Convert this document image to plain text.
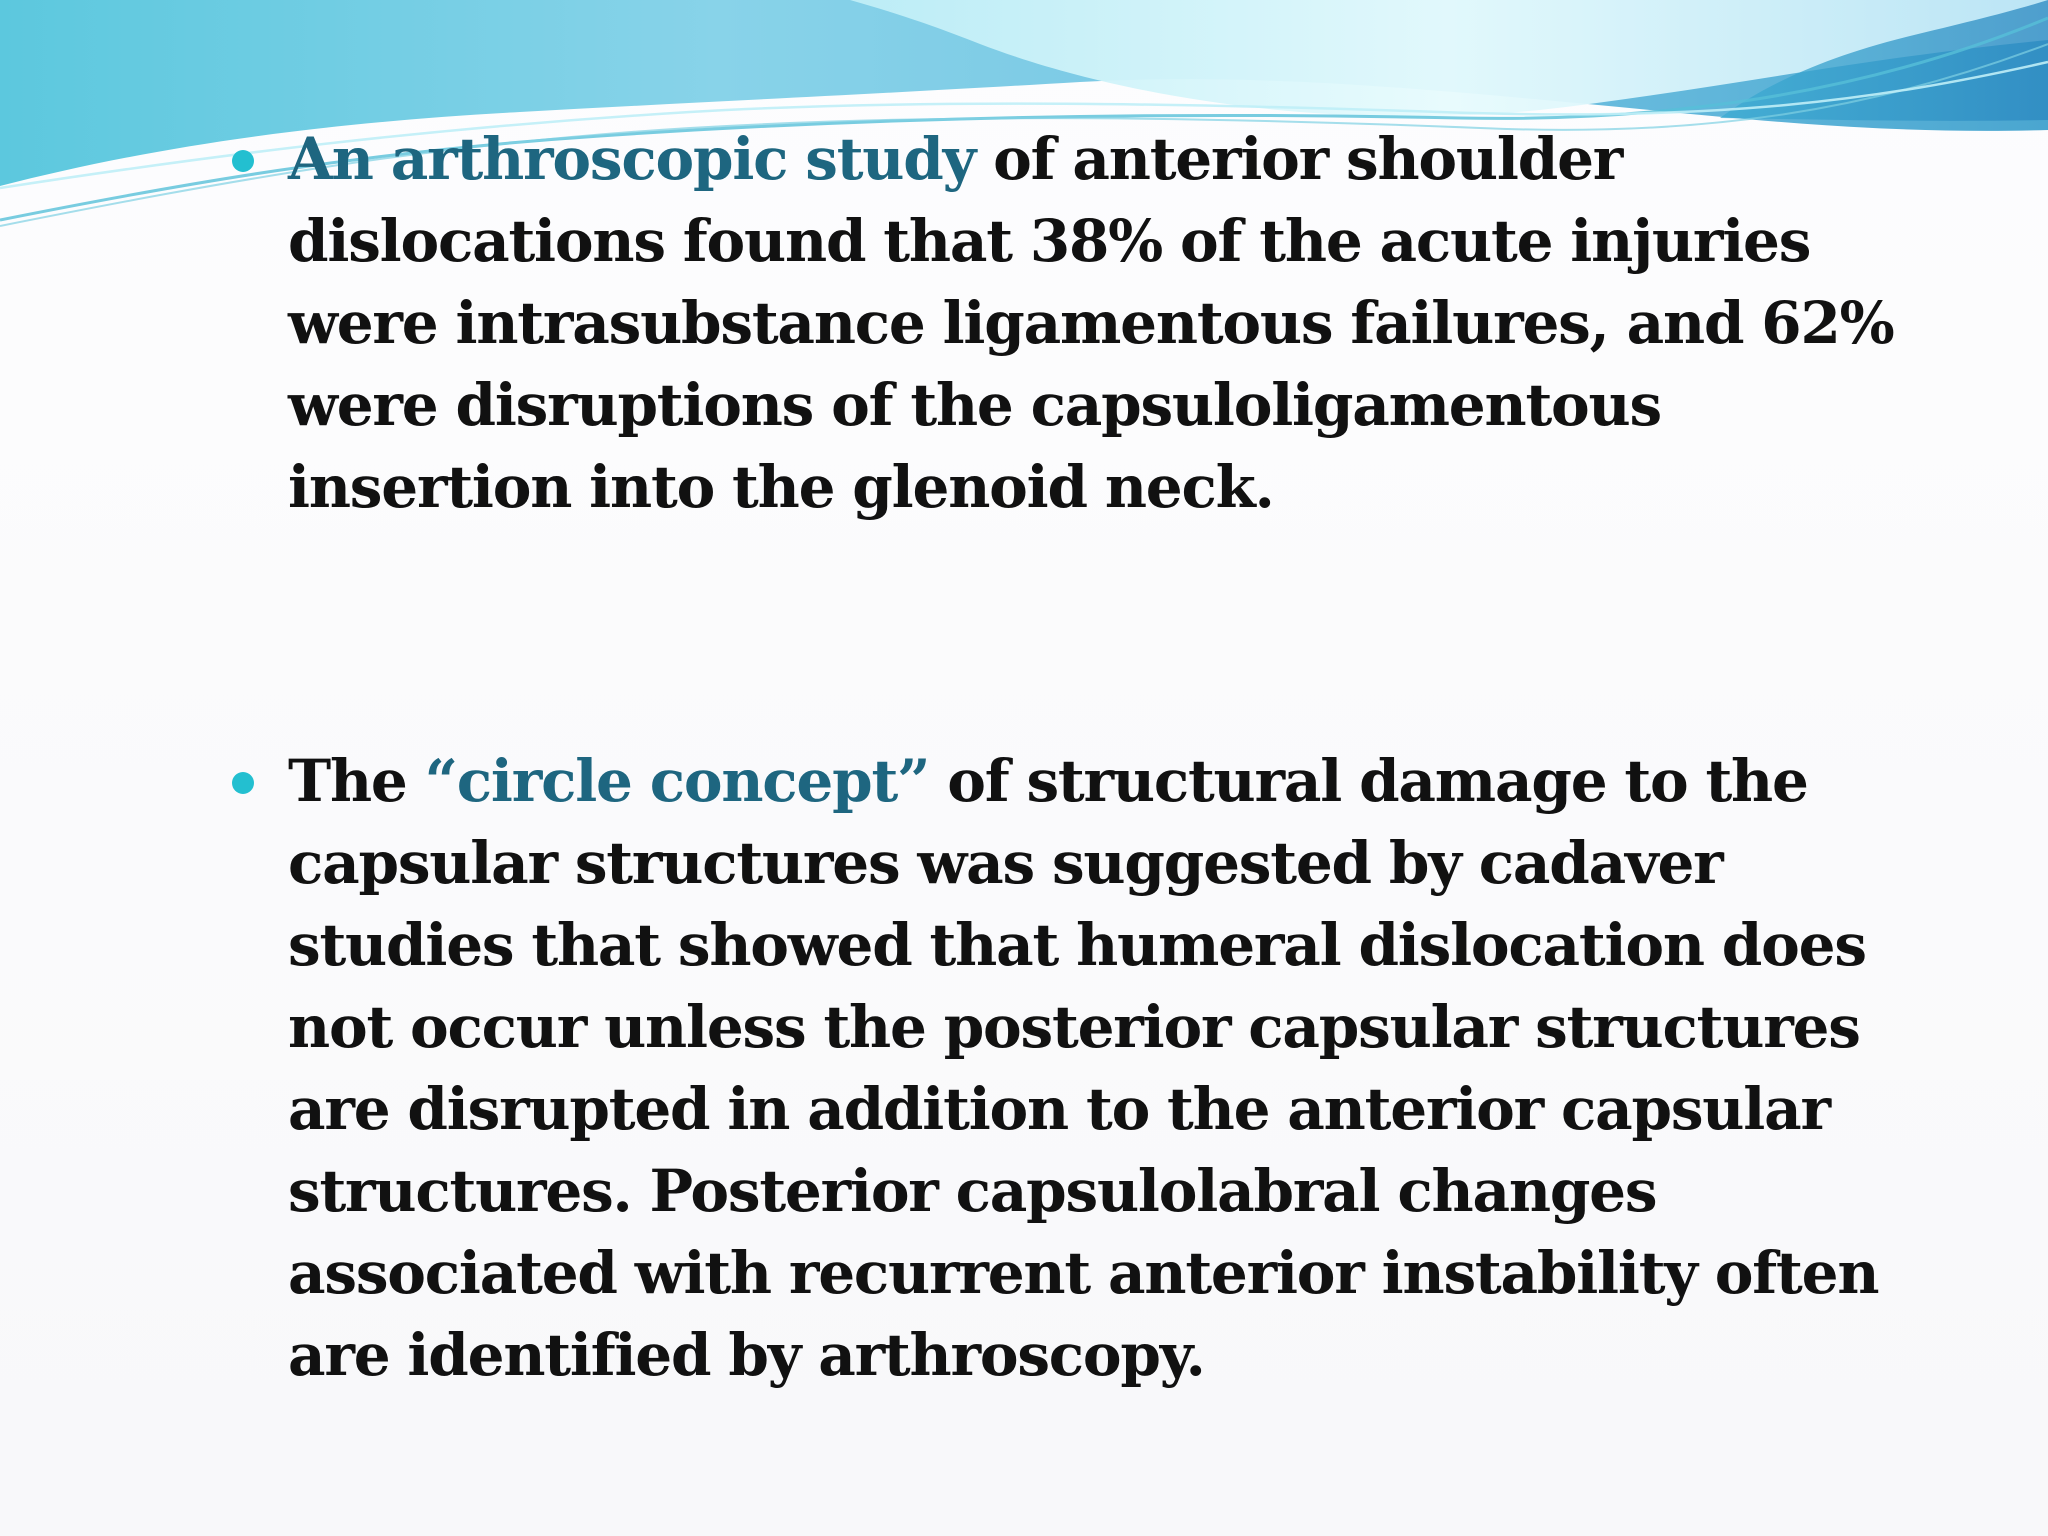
An arthroscopic study of anterior shoulder dislocations found that 38% of the acute injuries were intrasubstance ligamentous failures, and 62% were disruptions of the capsuloligamentous insertion into the glenoid neck.
The “circle concept” of structural damage to the capsular structures was suggested by cadaver studies that showed that humeral dislocation does not occur unless the posterior capsular structures are disrupted in addition to the anterior capsular structures. Posterior capsulolabral changes associated with recurrent anterior instability often are identified by arthroscopy.
